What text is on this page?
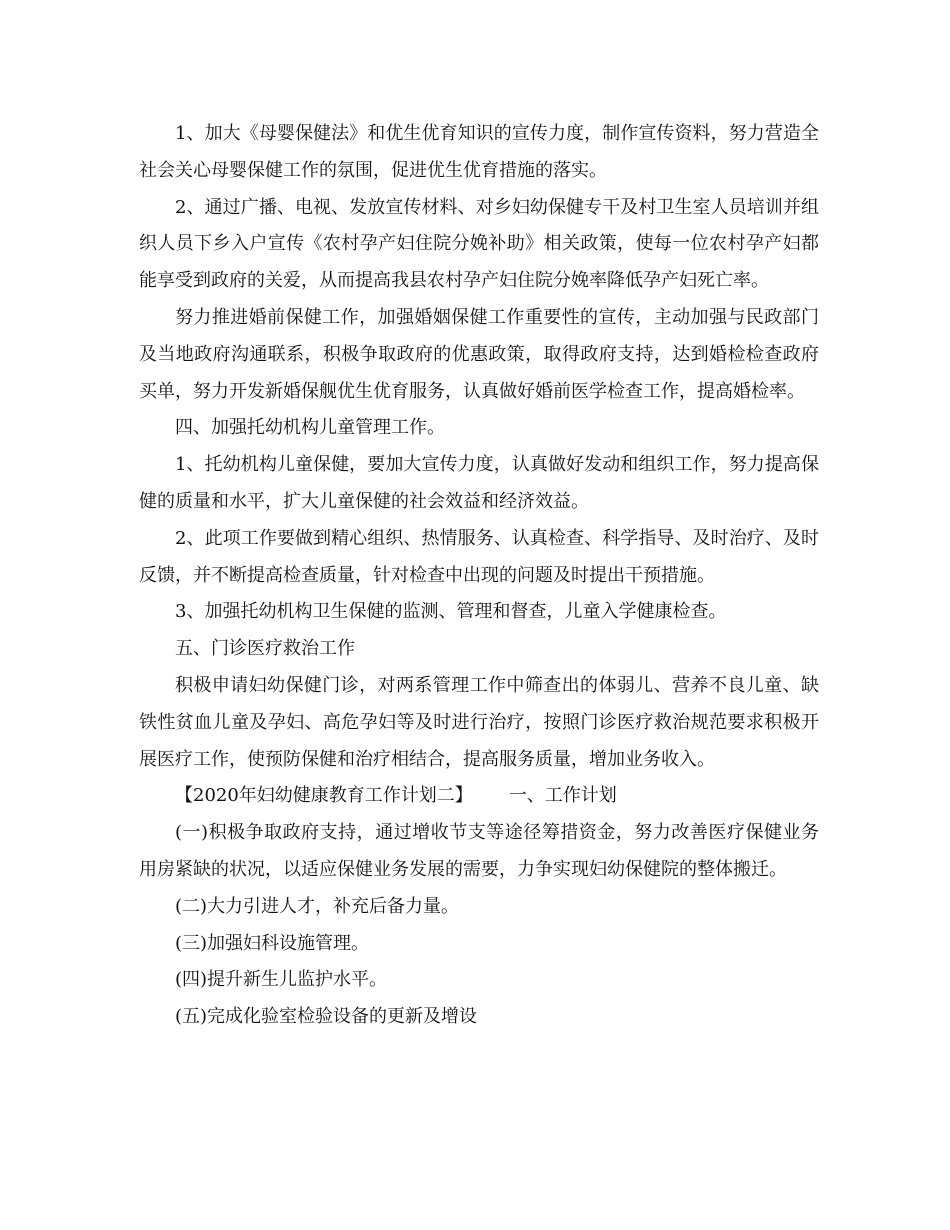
1、加大《母婴保健法》和优生优育知识的宣传力度，制作宣传资料，努力营造全社会关心母婴保健工作的氛围，促进优生优育措施的落实。

2、通过广播、电视、发放宣传材料、对乡妇幼保健专干及村卫生室人员培训并组织人员下乡入户宣传《农村孕产妇住院分娩补助》相关政策，使每一位农村孕产妇都能享受到政府的关爱，从而提高我县农村孕产妇住院分娩率降低孕产妇死亡率。

努力推进婚前保健工作，加强婚姻保健工作重要性的宣传，主动加强与民政部门及当地政府沟通联系，积极争取政府的优惠政策，取得政府支持，达到婚检检查政府买单，努力开发新婚保舰优生优育服务，认真做好婚前医学检查工作，提高婚检率。

四、加强托幼机构儿童管理工作。

1、托幼机构儿童保健，要加大宣传力度，认真做好发动和组织工作，努力提高保健的质量和水平，扩大儿童保健的社会效益和经济效益。

2、此项工作要做到精心组织、热情服务、认真检查、科学指导、及时治疗、及时反馈，并不断提高检查质量，针对检查中出现的问题及时提出干预措施。

3、加强托幼机构卫生保健的监测、管理和督查，儿童入学健康检查。

五、门诊医疗救治工作

积极申请妇幼保健门诊，对两系管理工作中筛查出的体弱儿、营养不良儿童、缺铁性贫血儿童及孕妇、高危孕妇等及时进行治疗，按照门诊医疗救治规范要求积极开展医疗工作，使预防保健和治疗相结合，提高服务质量，增加业务收入。

【2020年妇幼健康教育工作计划二】 一、工作计划

(一)积极争取政府支持，通过增收节支等途径筹措资金，努力改善医疗保健业务用房紧缺的状况，以适应保健业务发展的需要，力争实现妇幼保健院的整体搬迁。

(二)大力引进人才，补充后备力量。

(三)加强妇科设施管理。

(四)提升新生儿监护水平。

(五)完成化验室检验设备的更新及增设
